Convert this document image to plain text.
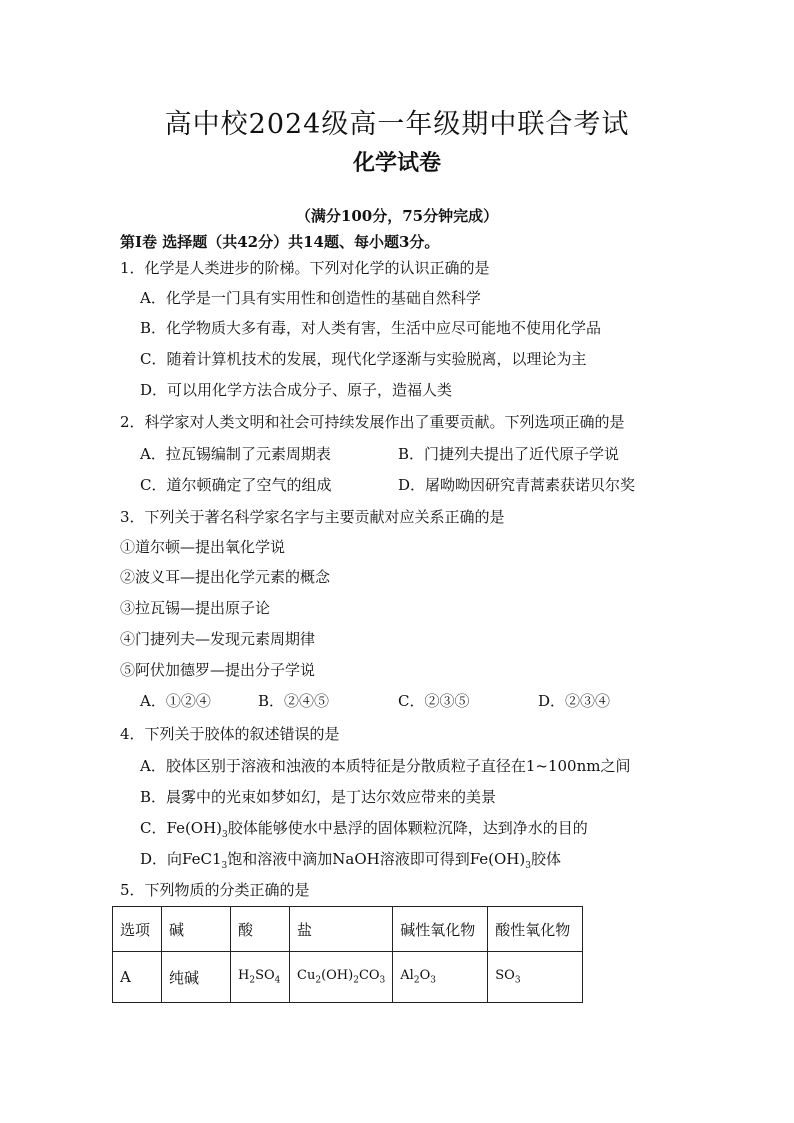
高中校2024级高一年级期中联合考试
化学试卷
（满分100分，75分钟完成）
第I卷 选择题（共42分）共14题、每小题3分。
1．化学是人类进步的阶梯。下列对化学的认识正确的是
A．化学是一门具有实用性和创造性的基础自然科学
B．化学物质大多有毒，对人类有害，生活中应尽可能地不使用化学品
C．随着计算机技术的发展，现代化学逐渐与实验脱离，以理论为主
D．可以用化学方法合成分子、原子，造福人类
2．科学家对人类文明和社会可持续发展作出了重要贡献。下列选项正确的是
A．拉瓦锡编制了元素周期表	B．门捷列夫提出了近代原子学说
C．道尔顿确定了空气的组成	D．屠呦呦因研究青蒿素获诺贝尔奖
3．下列关于著名科学家名字与主要贡献对应关系正确的是
①道尔顿—提出氧化学说
②波义耳—提出化学元素的概念
③拉瓦锡—提出原子论
④门捷列夫—发现元素周期律
⑤阿伏加德罗—提出分子学说
A．①②④	B．②④⑤	C．②③⑤	D．②③④
4．下列关于胶体的叙述错误的是
A．胶体区别于溶液和浊液的本质特征是分散质粒子直径在1~100nm之间
B．晨雾中的光束如梦如幻，是丁达尔效应带来的美景
C．$Fe(OH)_3$胶体能够使水中悬浮的固体颗粒沉降，达到净水的目的
D．向$FeC1_3$饱和溶液中滴加NaOH溶液即可得到$Fe(OH)_3$胶体
5．下列物质的分类正确的是
选项	碱	酸	盐	碱性氧化物	酸性氧化物
A	纯碱	$H_2SO_4$	$Cu_2(OH)_2CO_3$	$Al_2O_3$	$SO_3$
